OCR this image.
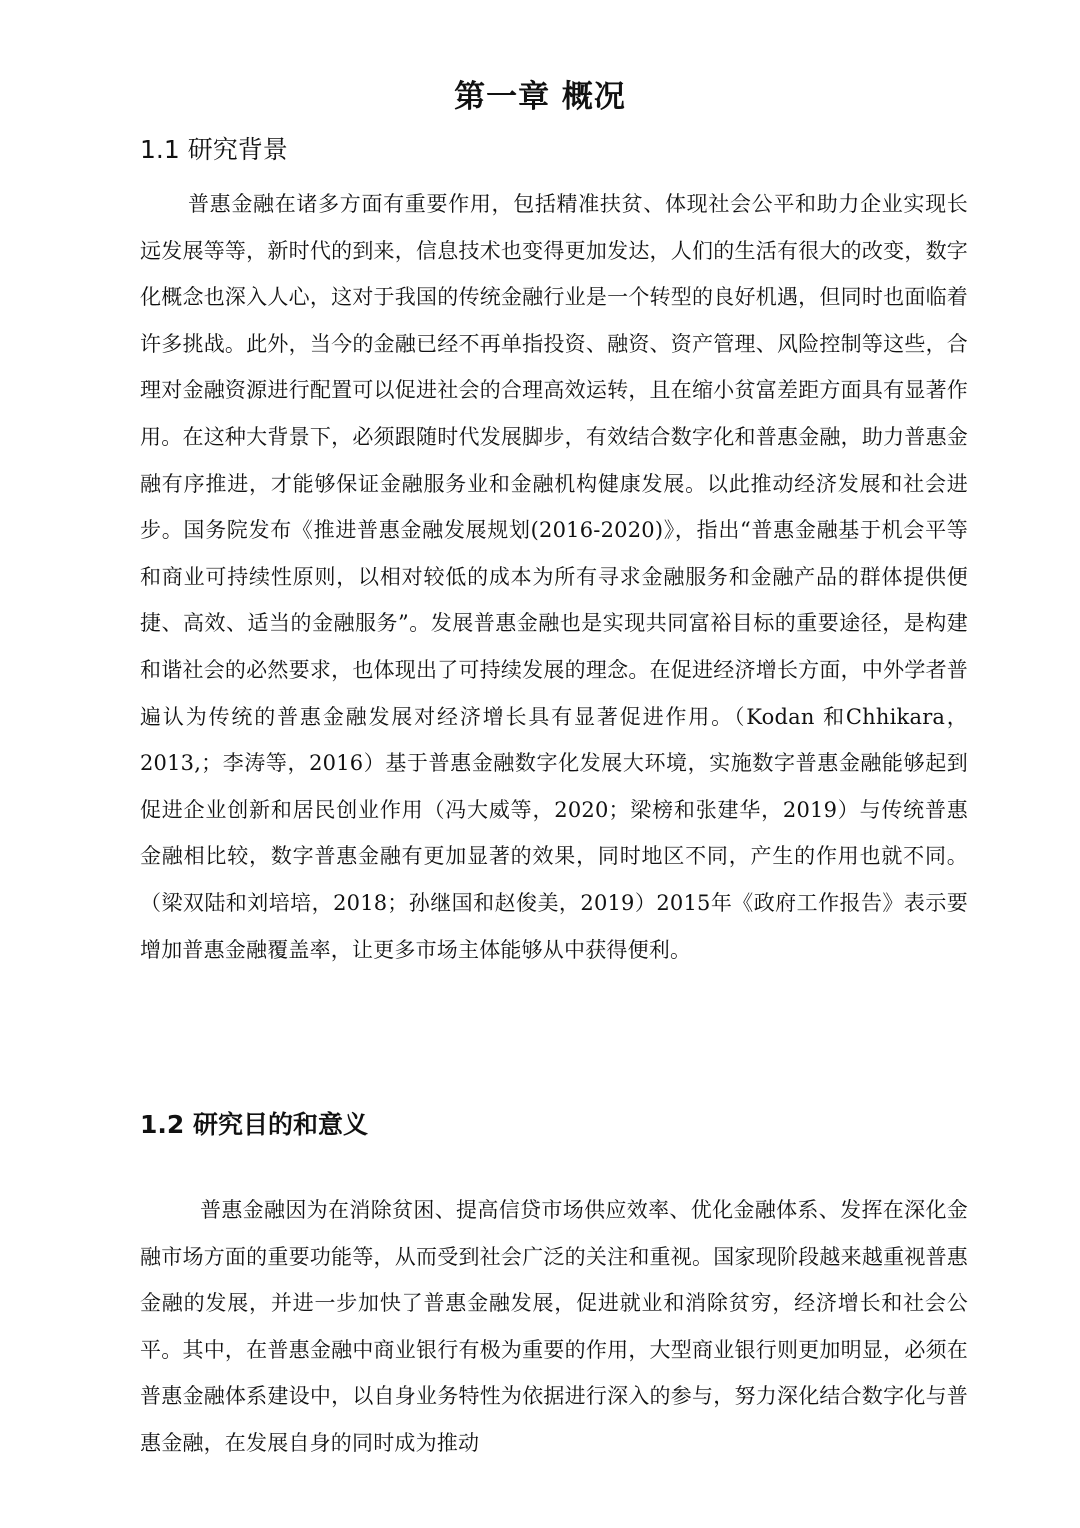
第一章 概况
1.1 研究背景

普惠金融在诸多方面有重要作用，包括精准扶贫、体现社会公平和助力企业实现长远发展等等，新时代的到来，信息技术也变得更加发达，人们的生活有很大的改变，数字化概念也深入人心，这对于我国的传统金融行业是一个转型的良好机遇，但同时也面临着许多挑战。此外，当今的金融已经不再单指投资、融资、资产管理、风险控制等这些，合理对金融资源进行配置可以促进社会的合理高效运转，且在缩小贫富差距方面具有显著作用。在这种大背景下，必须跟随时代发展脚步，有效结合数字化和普惠金融，助力普惠金融有序推进，才能够保证金融服务业和金融机构健康发展。以此推动经济发展和社会进步。国务院发布《推进普惠金融发展规划(2016-2020)》，指出“普惠金融基于机会平等和商业可持续性原则，以相对较低的成本为所有寻求金融服务和金融产品的群体提供便捷、高效、适当的金融服务”。发展普惠金融也是实现共同富裕目标的重要途径，是构建和谐社会的必然要求，也体现出了可持续发展的理念。在促进经济增长方面，中外学者普遍认为传统的普惠金融发展对经济增长具有显著促进作用。（Kodan 和Chhikara，2013,；李涛等，2016）基于普惠金融数字化发展大环境，实施数字普惠金融能够起到促进企业创新和居民创业作用（冯大威等，2020；梁榜和张建华，2019）与传统普惠金融相比较，数字普惠金融有更加显著的效果，同时地区不同，产生的作用也就不同。（梁双陆和刘培培，2018；孙继国和赵俊美，2019）2015年《政府工作报告》表示要增加普惠金融覆盖率，让更多市场主体能够从中获得便利。

1.2 研究目的和意义

普惠金融因为在消除贫困、提高信贷市场供应效率、优化金融体系、发挥在深化金融市场方面的重要功能等，从而受到社会广泛的关注和重视。国家现阶段越来越重视普惠金融的发展，并进一步加快了普惠金融发展，促进就业和消除贫穷，经济增长和社会公平。其中，在普惠金融中商业银行有极为重要的作用，大型商业银行则更加明显，必须在普惠金融体系建设中，以自身业务特性为依据进行深入的参与，努力深化结合数字化与普惠金融，在发展自身的同时成为推动
